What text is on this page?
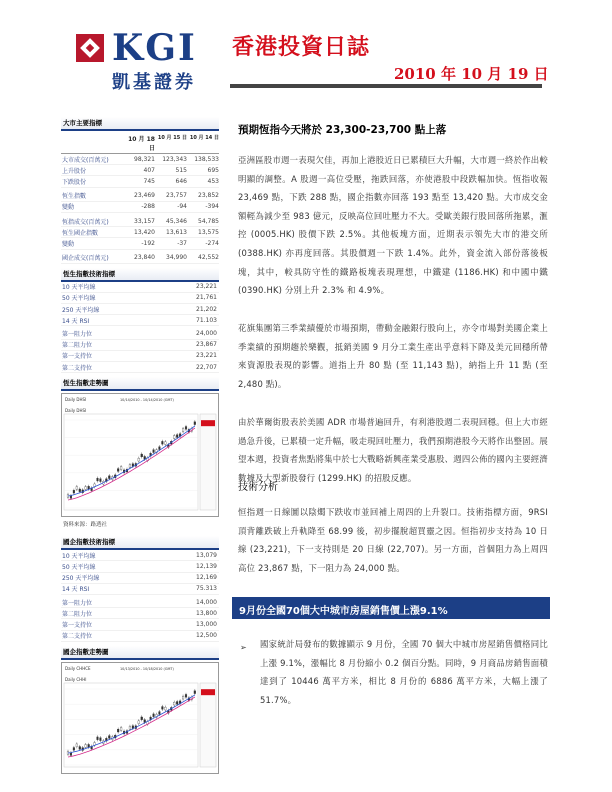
KGI
凱基證券
香港投資日誌
2010 年 10 月 19 日
大市主要指標
10 月 18 日
10 月 15 日 10 月 14 日
大市成交(百萬元)	98,321	123,343	138,533
上升股份	407	515	695
下跌股份	745	646	453
恆生指數	23,469	23,757	23,852
變動	-288	-94	-394
恆指成交(百萬元)	33,157	45,346	54,785
恆生國企指數	13,420	13,613	13,575
變動	-192	-37	-274
國企成交(百萬元)	23,840	34,990	42,552
恆生指數技術指標
10 天平均線	23,221
50 天平均線	21,761
250 天平均線	21,202
14 天 RSI	71.103
第一阻力位	24,000
第二阻力位	23,867
第一支持位	23,221
第二支持位	22,707
恆生指數走勢圖
Daily DHSI	10/14/2010 - 10/14/2010 (GMT)
Daily DHSI
資料來源：路透社
國企指數技術指標
10 天平均線	13,079
50 天平均線	12,139
250 天平均線	12,169
14 天 RSI	75.313
第一阻力位	14,000
第二阻力位	13,800
第一支持位	13,000
第二支持位	12,500
國企指數走勢圖
Daily CHHCE	10/13/2010 - 10/18/2010 (GMT)
Daily CHHI
預期恆指今天將於 23,300-23,700 點上落
亞洲區股市週一表現欠佳，再加上港股近日已累積巨大升幅，大市週一終於作出較明顯的調整。A 股週一高位受壓，拖跌回落，亦使港股中段跌幅加快。恆指收報 23,469 點，下跌 288 點，國企指數亦回落 193 點至 13,420 點。大市成交金額輕為減少至 983 億元，反映高位回吐壓力不大。受歐美銀行股回落所拖累，滙控 (0005.HK) 股價下跌 2.5%。其他板塊方面，近期表示領先大市的港交所 (0388.HK) 亦再度回落。其股價週一下跌 1.4%。此外，資金流入部份落後板塊，其中，較具防守性的鐵路板塊表現理想，中鐵建 (1186.HK) 和中國中鐵 (0390.HK) 分別上升 2.3% 和 4.9%。
花旗集團第三季業績優於市場預期，帶動金融銀行股向上，亦令市場對美國企業上季業績的預期趨於樂觀，抵銷美國 9 月分工業生產出乎意料下降及美元回穩所帶來資源股表現的影響。道指上升 80 點 (至 11,143 點)，納指上升 11 點 (至 2,480 點)。
由於華爾街股表於美國 ADR 市場普遍回升，有利港股週二表現回穩。但上大市經過急升後，已累積一定升幅，吸走現回吐壓力，我們預期港股今天將作出整固。展望本週，投資者焦點將集中於七大戰略新興產業受惠股、週四公佈的國內主要經濟數據及大型新股發行 (1299.HK) 的招股反應。
技術分析
恒指週一日線圖以陰燭下跌收市並回補上周四的上升裂口。技術指標方面，9RSI 頂背離跌破上升軌降至 68.99 後，初步擺脫超買靈之因。恒指初步支持為 10 日線 (23,221)，下一支持則是 20 日線 (22,707)。另一方面，首個阻力為上周四高位 23,867 點，下一阻力為 24,000 點。
9月份全國70個大中城市房屋銷售價上漲9.1%
➢ 國家統計局發布的數據顯示 9 月份，全國 70 個大中城市房屋銷售價格同比上漲 9.1%，漲幅比 8 月份縮小 0.2 個百分點。同時，9 月商品房銷售面積達到了 10446 萬平方米，相比 8 月份的 6886 萬平方米，大幅上漲了 51.7%。
